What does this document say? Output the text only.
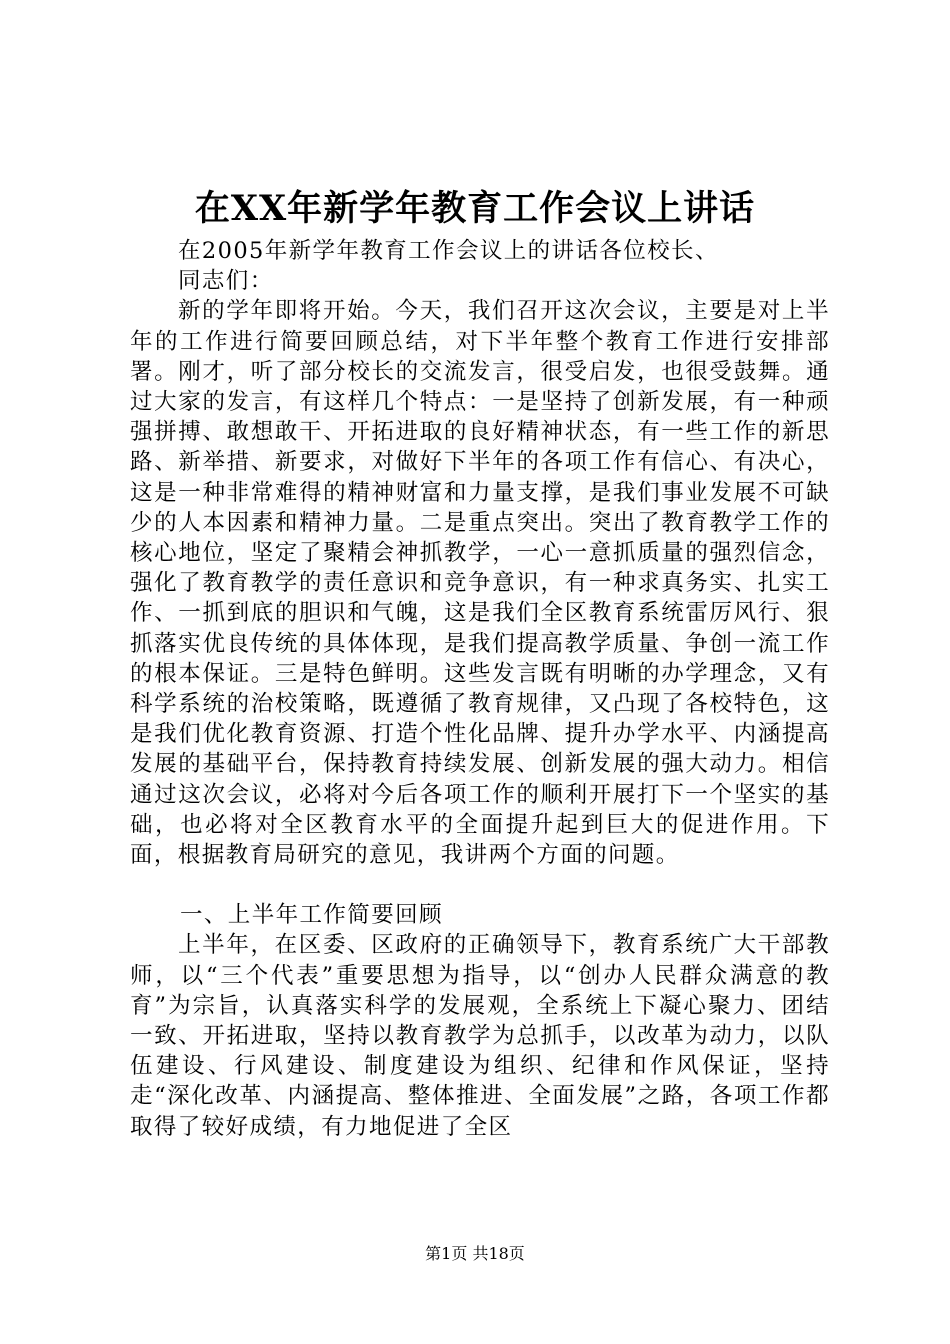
在XX年新学年教育工作会议上讲话

在2005年新学年教育工作会议上的讲话各位校长、

同志们：

新的学年即将开始。今天，我们召开这次会议，主要是对上半年的工作进行简要回顾总结，对下半年整个教育工作进行安排部署。刚才，听了部分校长的交流发言，很受启发，也很受鼓舞。通过大家的发言，有这样几个特点：一是坚持了创新发展，有一种顽强拼搏、敢想敢干、开拓进取的良好精神状态，有一些工作的新思路、新举措、新要求，对做好下半年的各项工作有信心、有决心，这是一种非常难得的精神财富和力量支撑，是我们事业发展不可缺少的人本因素和精神力量。二是重点突出。突出了教育教学工作的核心地位，坚定了聚精会神抓教学，一心一意抓质量的强烈信念，强化了教育教学的责任意识和竞争意识，有一种求真务实、扎实工作、一抓到底的胆识和气魄，这是我们全区教育系统雷厉风行、狠抓落实优良传统的具体体现，是我们提高教学质量、争创一流工作的根本保证。三是特色鲜明。这些发言既有明晰的办学理念，又有科学系统的治校策略，既遵循了教育规律，又凸现了各校特色，这是我们优化教育资源、打造个性化品牌、提升办学水平、内涵提高发展的基础平台，保持教育持续发展、创新发展的强大动力。相信通过这次会议，必将对今后各项工作的顺利开展打下一个坚实的基础，也必将对全区教育水平的全面提升起到巨大的促进作用。下面，根据教育局研究的意见，我讲两个方面的问题。

一、上半年工作简要回顾

上半年，在区委、区政府的正确领导下，教育系统广大干部教师，以“三个代表”重要思想为指导，以“创办人民群众满意的教育”为宗旨，认真落实科学的发展观，全系统上下凝心聚力、团结一致、开拓进取，坚持以教育教学为总抓手，以改革为动力，以队伍建设、行风建设、制度建设为组织、纪律和作风保证，坚持走“深化改革、内涵提高、整体推进、全面发展”之路，各项工作都取得了较好成绩，有力地促进了全区

第1页 共18页
